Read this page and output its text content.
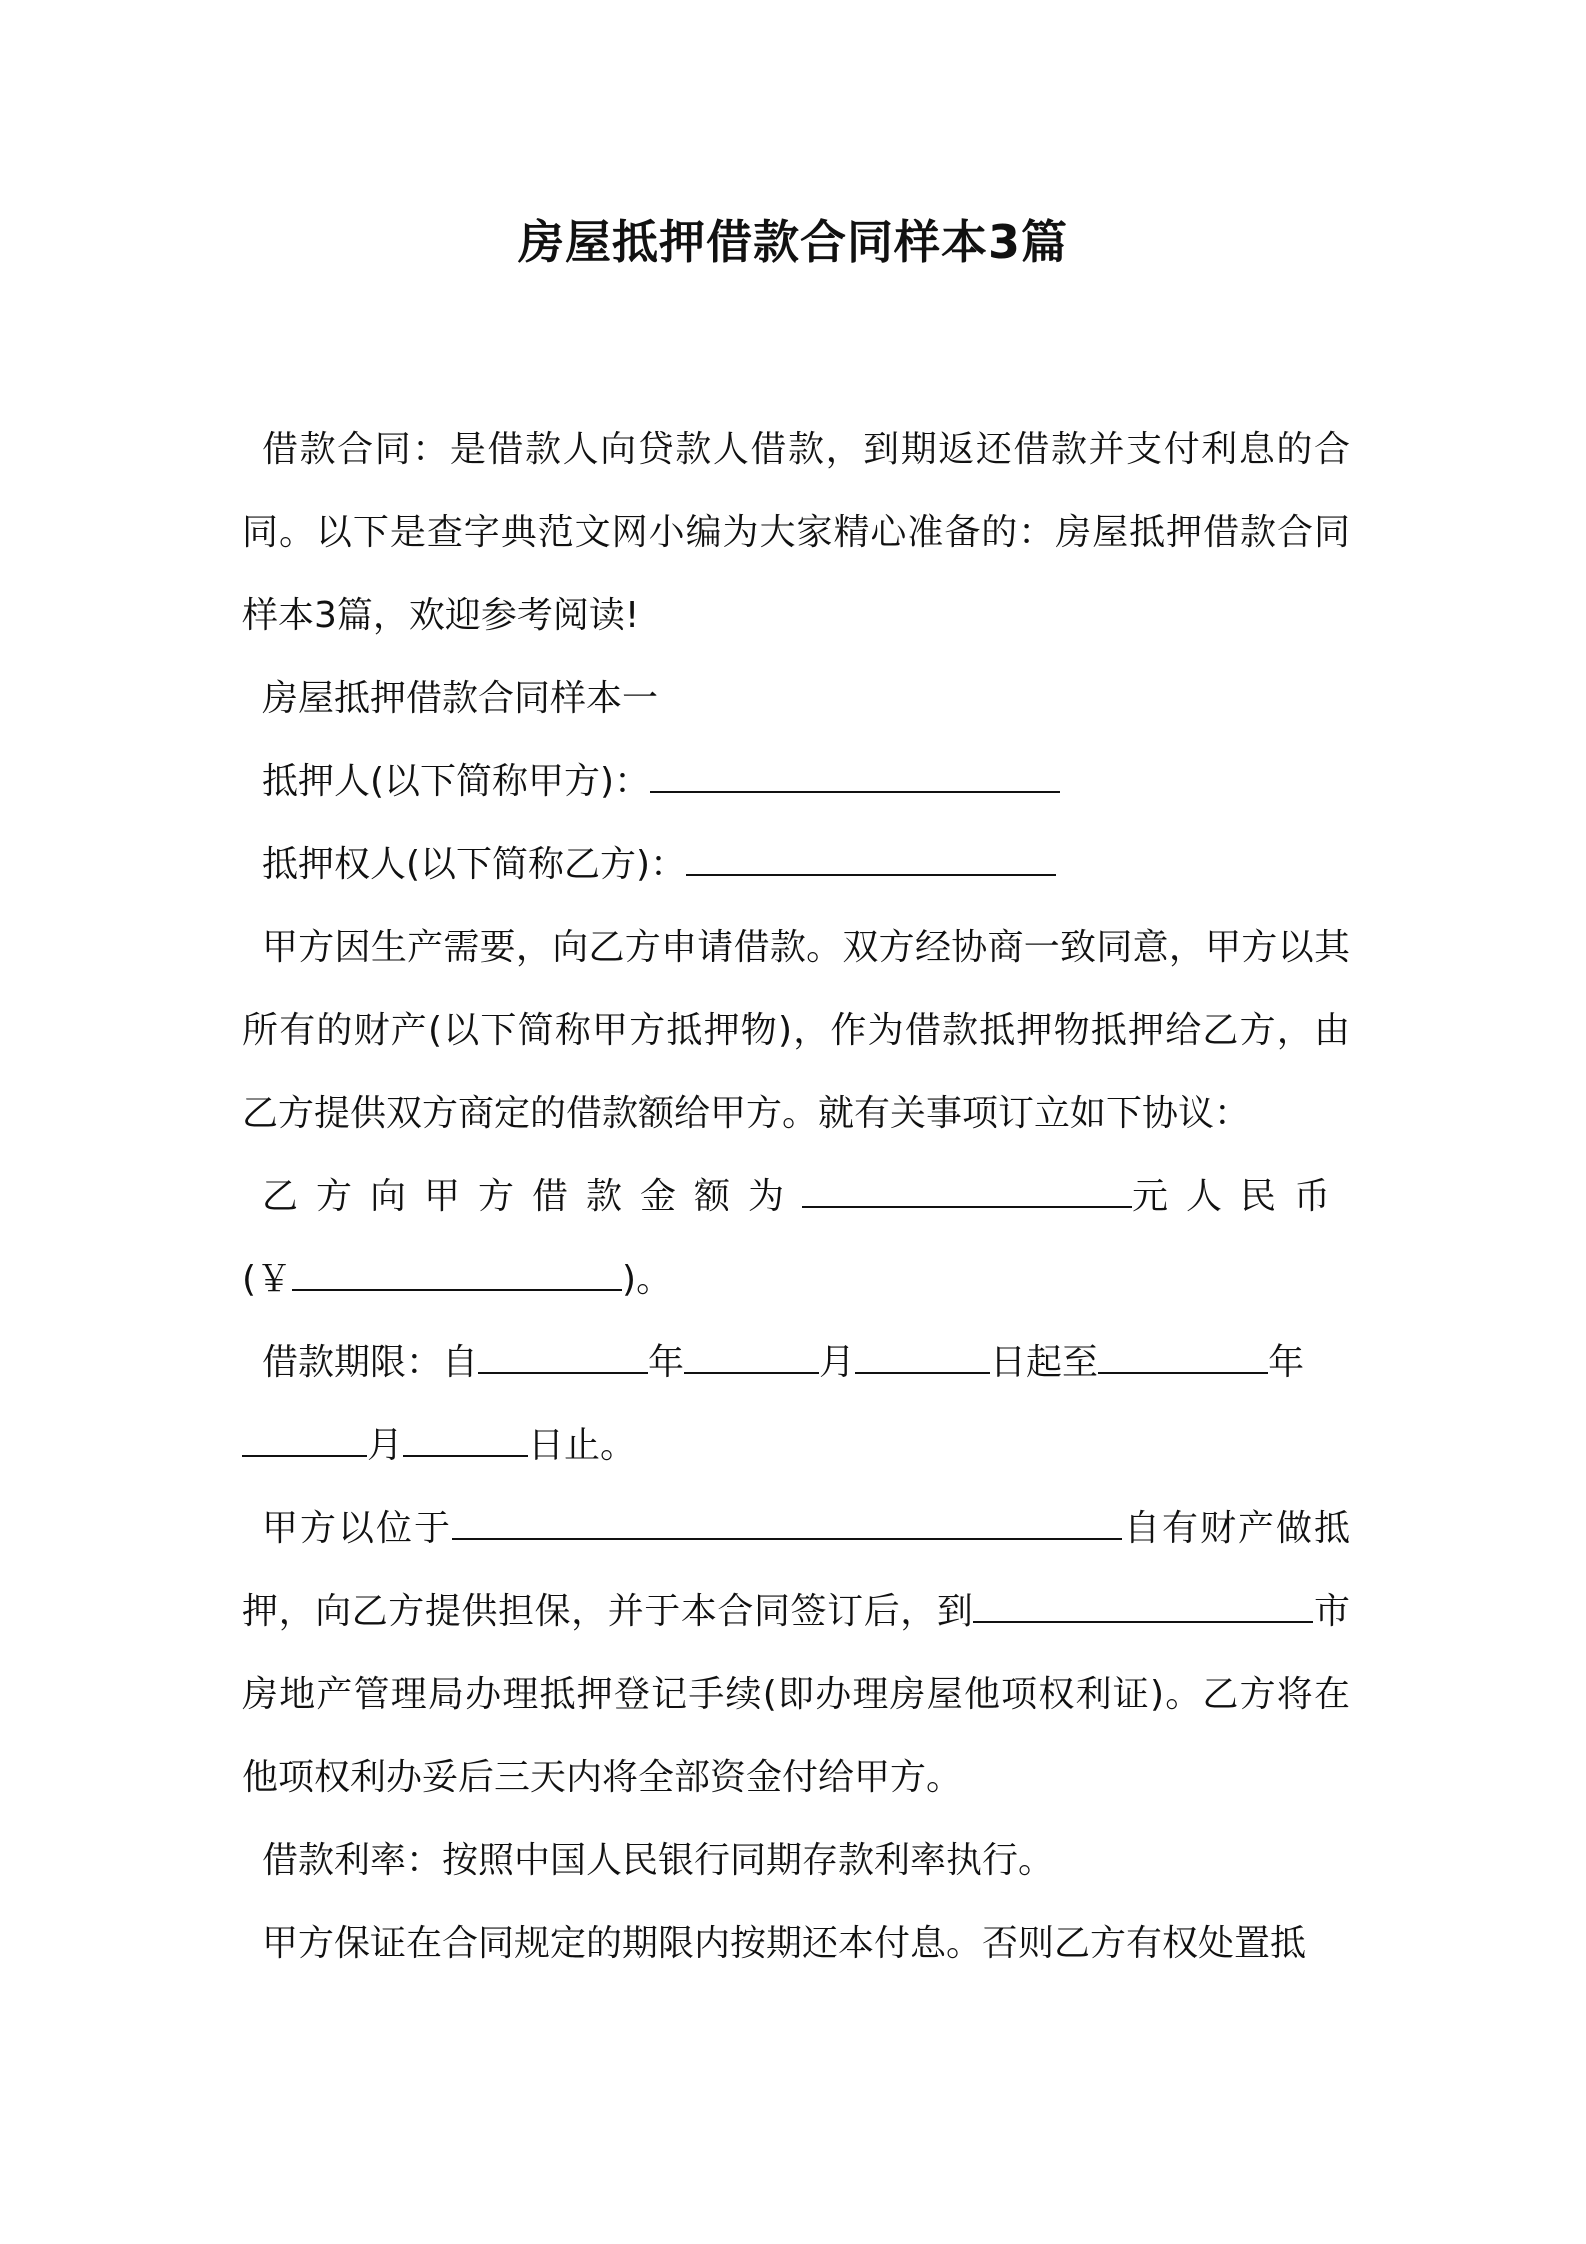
房屋抵押借款合同样本3篇

借款合同：是借款人向贷款人借款，到期返还借款并支付利息的合同。以下是查字典范文网小编为大家精心准备的：房屋抵押借款合同样本3篇，欢迎参考阅读!

房屋抵押借款合同样本一

抵押人(以下简称甲方)：

抵押权人(以下简称乙方)：

甲方因生产需要，向乙方申请借款。双方经协商一致同意，甲方以其所有的财产(以下简称甲方抵押物)，作为借款抵押物抵押给乙方，由乙方提供双方商定的借款额给甲方。就有关事项订立如下协议：

乙方向甲方借款金额为	元人民币

(￥	)。

借款期限：自	年	月	日起至	年

月	日止。

甲方以位于	自有财产做抵押，向乙方提供担保，并于本合同签订后，到	市房地产管理局办理抵押登记手续(即办理房屋他项权利证)。乙方将在他项权利办妥后三天内将全部资金付给甲方。

借款利率：按照中国人民银行同期存款利率执行。

甲方保证在合同规定的期限内按期还本付息。否则乙方有权处置抵
